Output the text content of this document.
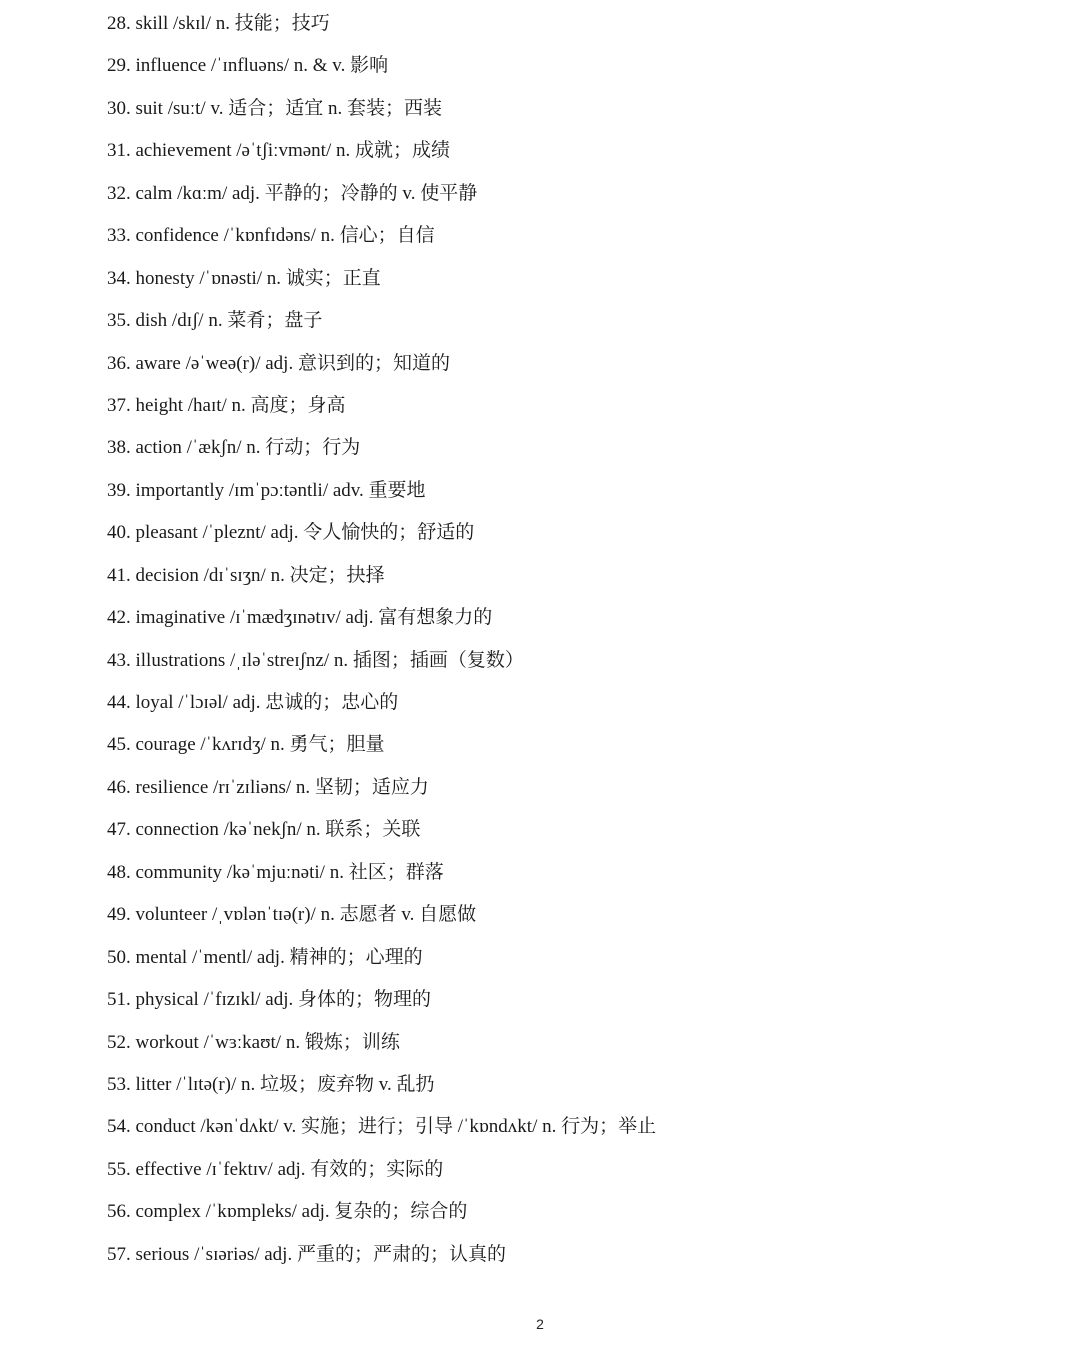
28. skill /skɪl/ n. 技能；技巧
29. influence /ˈɪnfluəns/ n. & v. 影响
30. suit /suːt/ v. 适合；适宜 n. 套装；西装
31. achievement /əˈtʃiːvmənt/ n. 成就；成绩
32. calm /kɑːm/ adj. 平静的；冷静的 v. 使平静
33. confidence /ˈkɒnfɪdəns/ n. 信心；自信
34. honesty /ˈɒnəsti/ n. 诚实；正直
35. dish /dɪʃ/ n. 菜肴；盘子
36. aware /əˈweə(r)/ adj. 意识到的；知道的
37. height /haɪt/ n. 高度；身高
38. action /ˈækʃn/ n. 行动；行为
39. importantly /ɪmˈpɔːtəntli/ adv. 重要地
40. pleasant /ˈpleznt/ adj. 令人愉快的；舒适的
41. decision /dɪˈsɪʒn/ n. 决定；抉择
42. imaginative /ɪˈmædʒɪnətɪv/ adj. 富有想象力的
43. illustrations /ˌɪləˈstreɪʃnz/ n. 插图；插画（复数）
44. loyal /ˈlɔɪəl/ adj. 忠诚的；忠心的
45. courage /ˈkʌrɪdʒ/ n. 勇气；胆量
46. resilience /rɪˈzɪliəns/ n. 坚韧；适应力
47. connection /kəˈnekʃn/ n. 联系；关联
48. community /kəˈmjuːnəti/ n. 社区；群落
49. volunteer /ˌvɒlənˈtɪə(r)/ n. 志愿者 v. 自愿做
50. mental /ˈmentl/ adj. 精神的；心理的
51. physical /ˈfɪzɪkl/ adj. 身体的；物理的
52. workout /ˈwɜːkaʊt/ n. 锻炼；训练
53. litter /ˈlɪtə(r)/ n. 垃圾；废弃物 v. 乱扔
54. conduct /kənˈdʌkt/ v. 实施；进行；引导 /ˈkɒndʌkt/ n. 行为；举止
55. effective /ɪˈfektɪv/ adj. 有效的；实际的
56. complex /ˈkɒmpleks/ adj. 复杂的；综合的
57. serious /ˈsɪəriəs/ adj. 严重的；严肃的；认真的
2
